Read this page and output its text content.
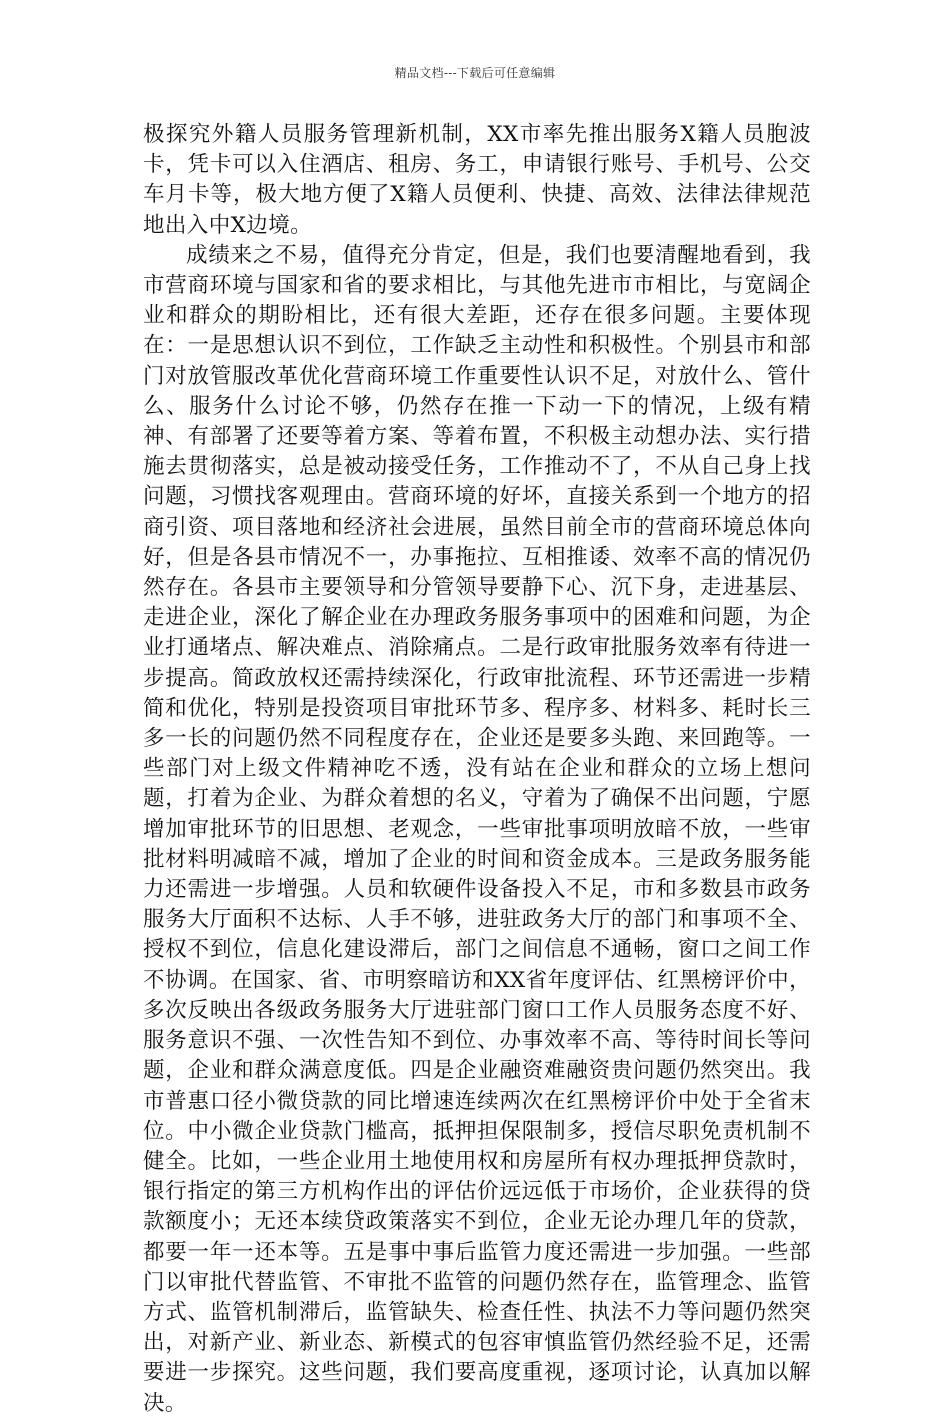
精品文档---下载后可任意编辑

极探究外籍人员服务管理新机制，XX市率先推出服务X籍人员胞波卡，凭卡可以入住酒店、租房、务工，申请银行账号、手机号、公交车月卡等，极大地方便了X籍人员便利、快捷、高效、法律法律规范地出入中X边境。

成绩来之不易，值得充分肯定，但是，我们也要清醒地看到，我市营商环境与国家和省的要求相比，与其他先进市市相比，与宽阔企业和群众的期盼相比，还有很大差距，还存在很多问题。主要体现在：一是思想认识不到位，工作缺乏主动性和积极性。个别县市和部门对放管服改革优化营商环境工作重要性认识不足，对放什么、管什么、服务什么讨论不够，仍然存在推一下动一下的情况，上级有精神、有部署了还要等着方案、等着布置，不积极主动想办法、实行措施去贯彻落实，总是被动接受任务，工作推动不了，不从自己身上找问题，习惯找客观理由。营商环境的好坏，直接关系到一个地方的招商引资、项目落地和经济社会进展，虽然目前全市的营商环境总体向好，但是各县市情况不一，办事拖拉、互相推诿、效率不高的情况仍然存在。各县市主要领导和分管领导要静下心、沉下身，走进基层、走进企业，深化了解企业在办理政务服务事项中的困难和问题，为企业打通堵点、解决难点、消除痛点。二是行政审批服务效率有待进一步提高。简政放权还需持续深化，行政审批流程、环节还需进一步精简和优化，特别是投资项目审批环节多、程序多、材料多、耗时长三多一长的问题仍然不同程度存在，企业还是要多头跑、来回跑等。一些部门对上级文件精神吃不透，没有站在企业和群众的立场上想问题，打着为企业、为群众着想的名义，守着为了确保不出问题，宁愿增加审批环节的旧思想、老观念，一些审批事项明放暗不放，一些审批材料明减暗不减，增加了企业的时间和资金成本。三是政务服务能力还需进一步增强。人员和软硬件设备投入不足，市和多数县市政务服务大厅面积不达标、人手不够，进驻政务大厅的部门和事项不全、授权不到位，信息化建设滞后，部门之间信息不通畅，窗口之间工作不协调。在国家、省、市明察暗访和XX省年度评估、红黑榜评价中，多次反映出各级政务服务大厅进驻部门窗口工作人员服务态度不好、服务意识不强、一次性告知不到位、办事效率不高、等待时间长等问题，企业和群众满意度低。四是企业融资难融资贵问题仍然突出。我市普惠口径小微贷款的同比增速连续两次在红黑榜评价中处于全省末位。中小微企业贷款门槛高，抵押担保限制多，授信尽职免责机制不健全。比如，一些企业用土地使用权和房屋所有权办理抵押贷款时，银行指定的第三方机构作出的评估价远远低于市场价，企业获得的贷款额度小；无还本续贷政策落实不到位，企业无论办理几年的贷款，都要一年一还本等。五是事中事后监管力度还需进一步加强。一些部门以审批代替监管、不审批不监管的问题仍然存在，监管理念、监管方式、监管机制滞后，监管缺失、检查任性、执法不力等问题仍然突出，对新产业、新业态、新模式的包容审慎监管仍然经验不足，还需要进一步探究。这些问题，我们要高度重视，逐项讨论，认真加以解决。
